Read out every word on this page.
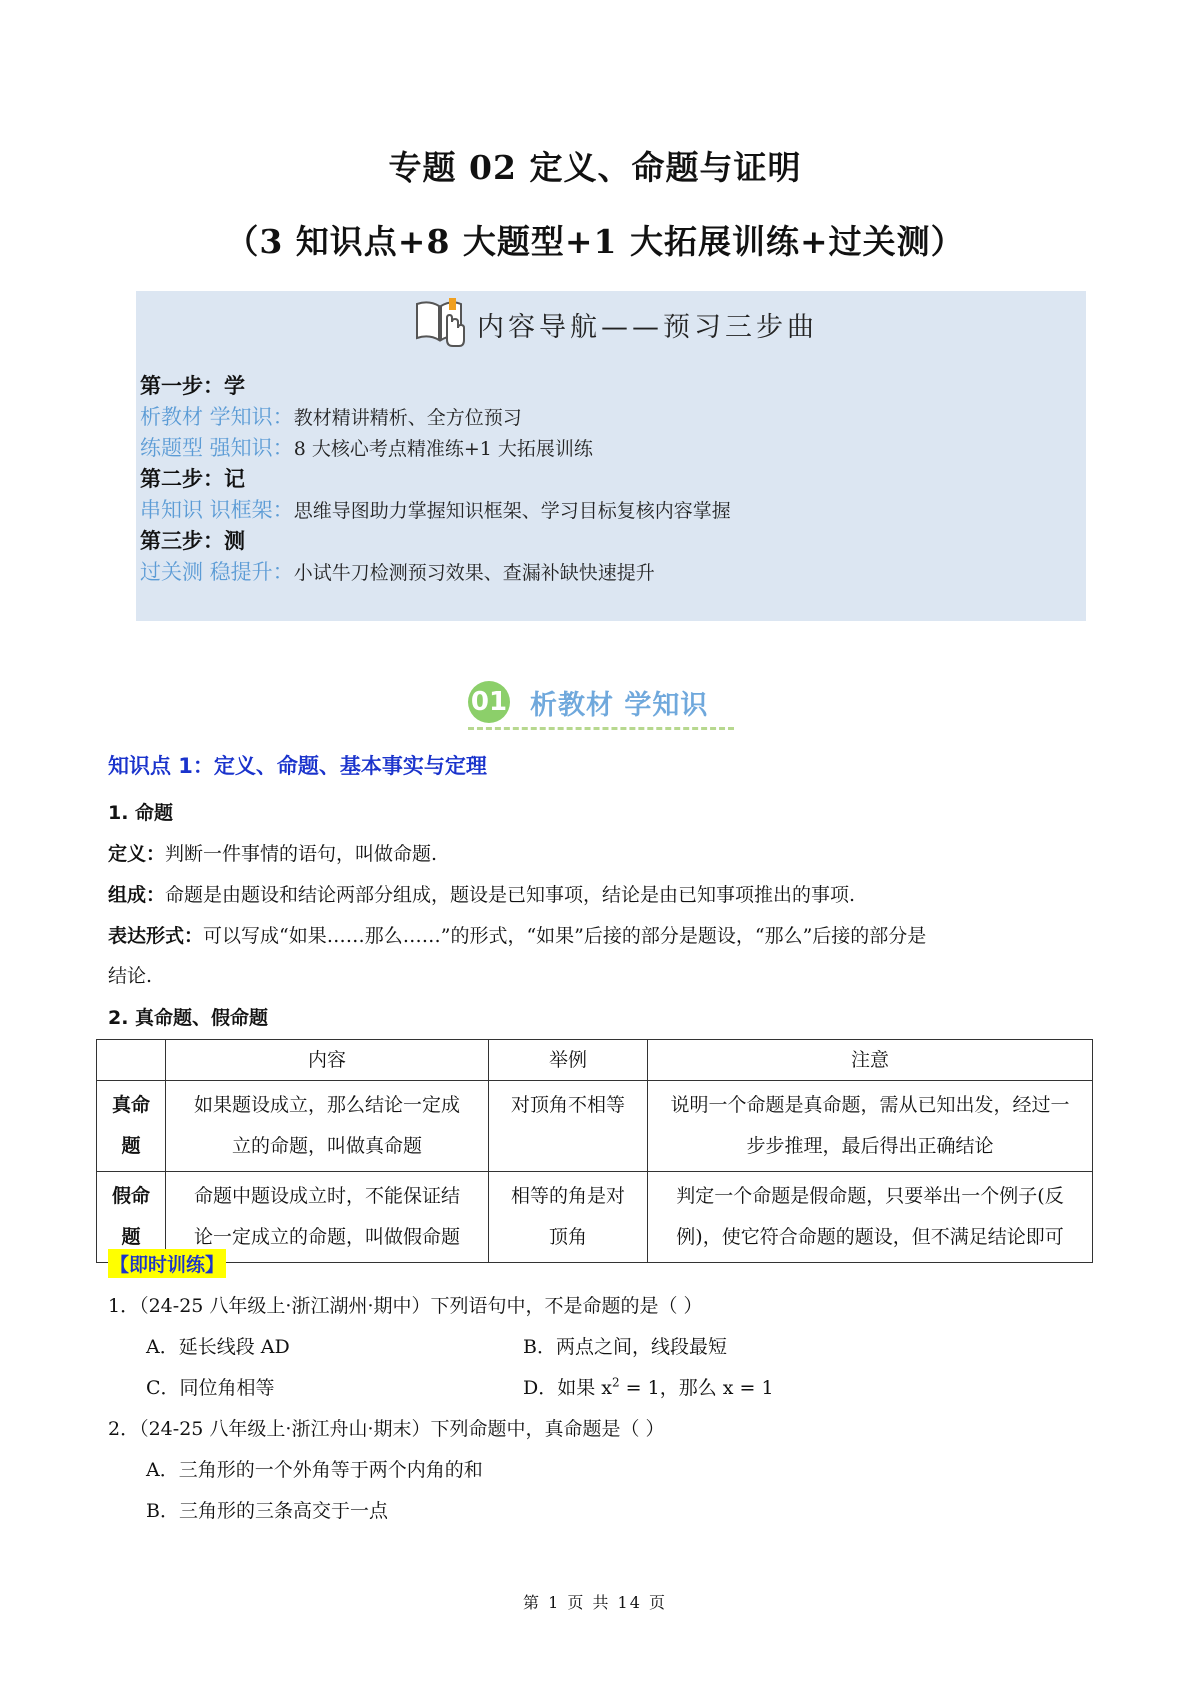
专题 02 定义、命题与证明
（3 知识点+8 大题型+1 大拓展训练+过关测）
内容导航——预习三步曲
第一步：学
析教材 学知识：教材精讲精析、全方位预习
练题型 强知识：8 大核心考点精准练+1 大拓展训练
第二步：记
串知识 识框架：思维导图助力掌握知识框架、学习目标复核内容掌握
第三步：测
过关测 稳提升：小试牛刀检测预习效果、查漏补缺快速提升
01 析教材 学知识
知识点 1：定义、命题、基本事实与定理
1. 命题
定义：判断一件事情的语句，叫做命题.
组成：命题是由题设和结论两部分组成，题设是已知事项，结论是由已知事项推出的事项.
表达形式：可以写成“如果……那么……”的形式，“如果”后接的部分是题设，“那么”后接的部分是
结论.
2. 真命题、假命题
	内容	举例	注意
真命
题	如果题设成立，那么结论一定成
立的命题，叫做真命题	对顶角不相等	说明一个命题是真命题，需从已知出发，经过一
步步推理，最后得出正确结论
假命
题	命题中题设成立时，不能保证结
论一定成立的命题，叫做假命题	相等的角是对
顶角	判定一个命题是假命题，只要举出一个例子(反
例)，使它符合命题的题设，但不满足结论即可
【即时训练】
1．（24-25 八年级上·浙江湖州·期中）下列语句中，不是命题的是（ ）
A．延长线段 AD	B．两点之间，线段最短
C．同位角相等	D．如果 $x^2 = 1$，那么 x = 1
2．（24-25 八年级上·浙江舟山·期末）下列命题中，真命题是（ ）
A．三角形的一个外角等于两个内角的和
B．三角形的三条高交于一点
第 1 页 共 14 页
